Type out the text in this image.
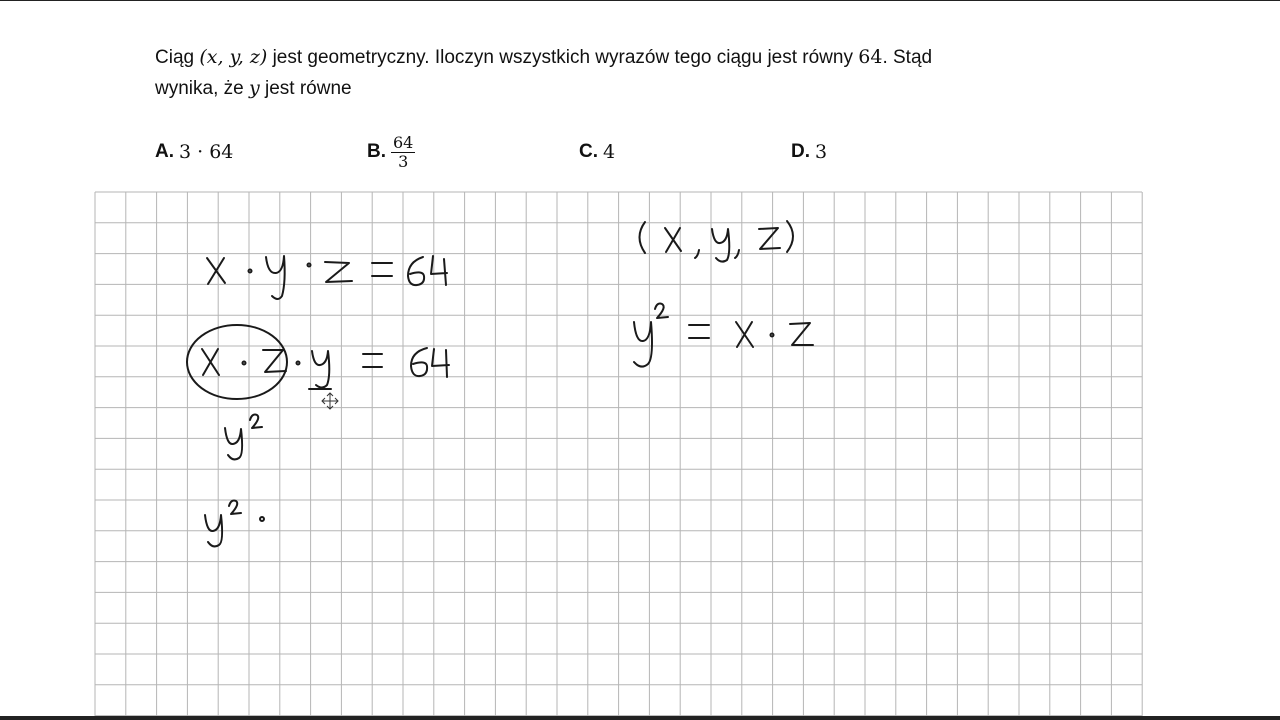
Ciąg (x, y, z) jest geometryczny. Iloczyn wszystkich wyrazów tego ciągu jest równy 64. Stąd
wynika, że y jest równe
A. 3 · 64	B. $\frac{64}{3}$	C. 4	D. 3
